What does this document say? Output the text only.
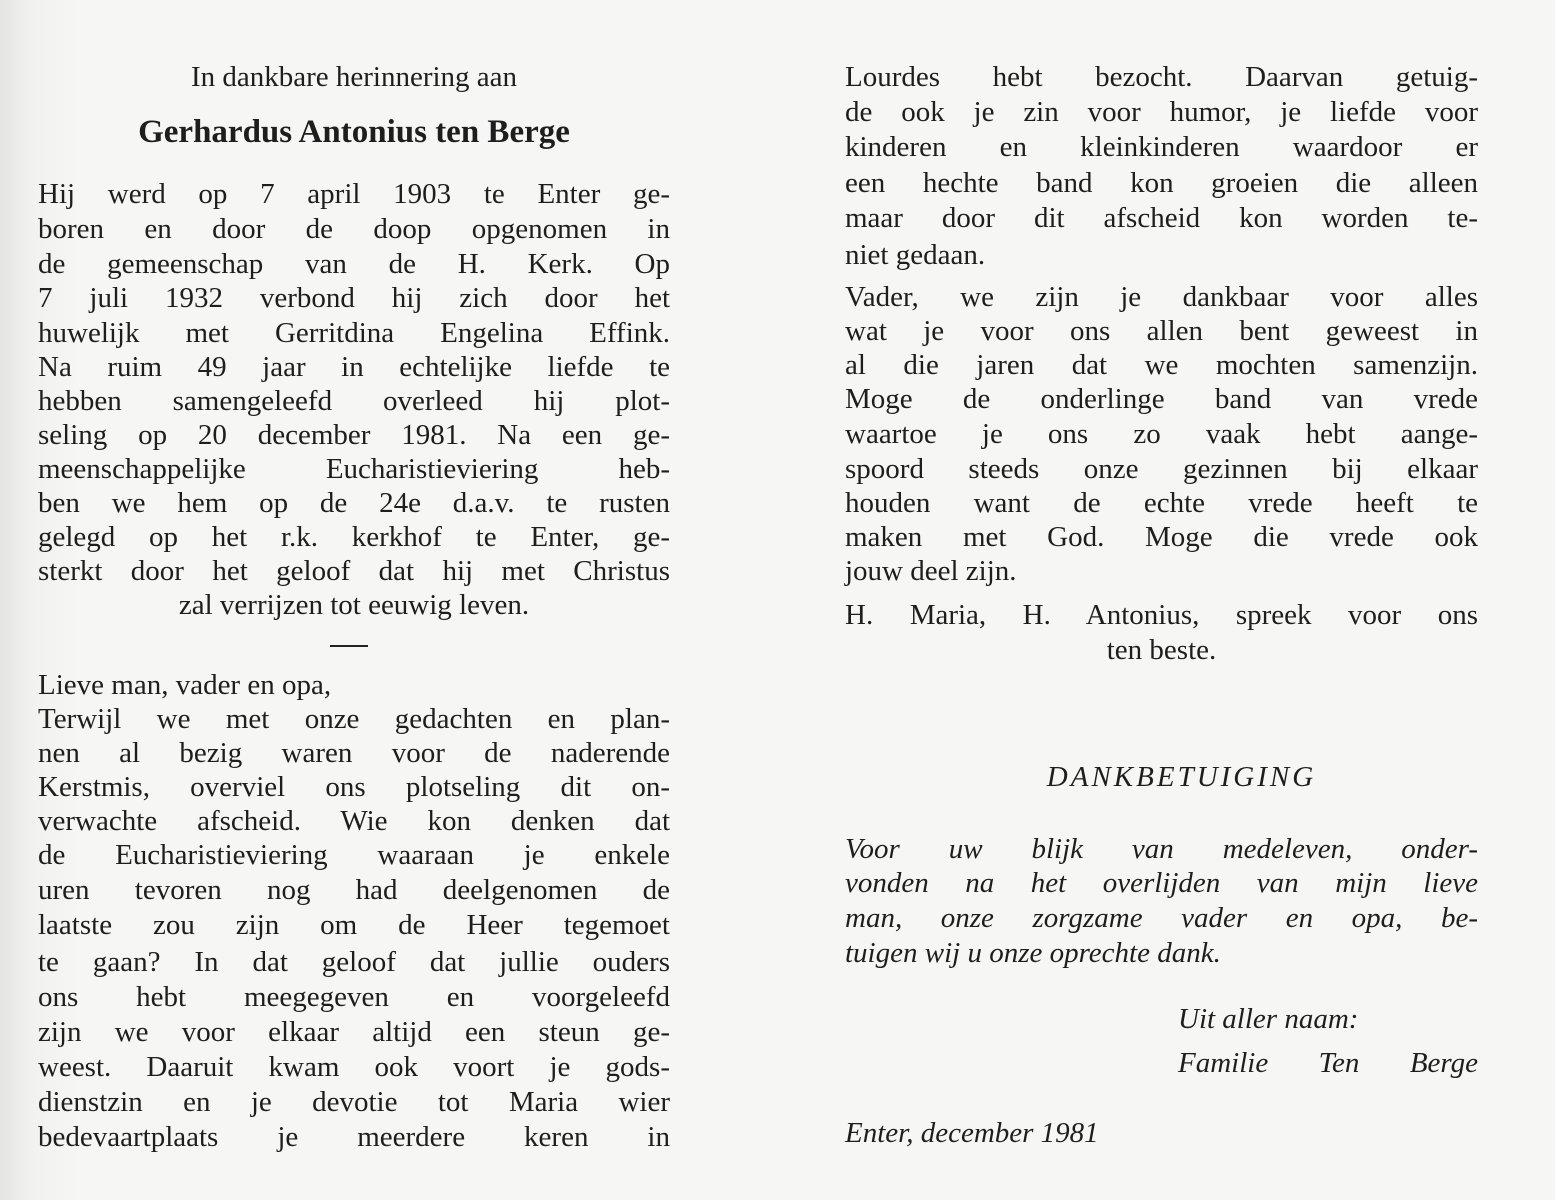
In dankbare herinnering aan
Gerhardus Antonius ten Berge
Hij werd op 7 april 1903 te Enter ge-
boren en door de doop opgenomen in
de gemeenschap van de H. Kerk. Op
7 juli 1932 verbond hij zich door het
huwelijk met Gerritdina Engelina Effink.
Na ruim 49 jaar in echtelijke liefde te
hebben samengeleefd overleed hij plot-
seling op 20 december 1981. Na een ge-
meenschappelijke Eucharistieviering heb-
ben we hem op de 24e d.a.v. te rusten
gelegd op het r.k. kerkhof te Enter, ge-
sterkt door het geloof dat hij met Christus
zal verrijzen tot eeuwig leven.
Lieve man, vader en opa,
Terwijl we met onze gedachten en plan-
nen al bezig waren voor de naderende
Kerstmis, overviel ons plotseling dit on-
verwachte afscheid. Wie kon denken dat
de Eucharistieviering waaraan je enkele
uren tevoren nog had deelgenomen de
laatste zou zijn om de Heer tegemoet
te gaan? In dat geloof dat jullie ouders
ons hebt meegegeven en voorgeleefd
zijn we voor elkaar altijd een steun ge-
weest. Daaruit kwam ook voort je gods-
dienstzin en je devotie tot Maria wier
bedevaartplaats je meerdere keren in
Lourdes hebt bezocht. Daarvan getuig-
de ook je zin voor humor, je liefde voor
kinderen en kleinkinderen waardoor er
een hechte band kon groeien die alleen
maar door dit afscheid kon worden te-
niet gedaan.
Vader, we zijn je dankbaar voor alles
wat je voor ons allen bent geweest in
al die jaren dat we mochten samenzijn.
Moge de onderlinge band van vrede
waartoe je ons zo vaak hebt aange-
spoord steeds onze gezinnen bij elkaar
houden want de echte vrede heeft te
maken met God. Moge die vrede ook
jouw deel zijn.
H. Maria, H. Antonius, spreek voor ons
ten beste.
DANKBETUIGING
Voor uw blijk van medeleven, onder-
vonden na het overlijden van mijn lieve
man, onze zorgzame vader en opa, be-
tuigen wij u onze oprechte dank.
Uit aller naam:
Familie Ten Berge
Enter, december 1981
